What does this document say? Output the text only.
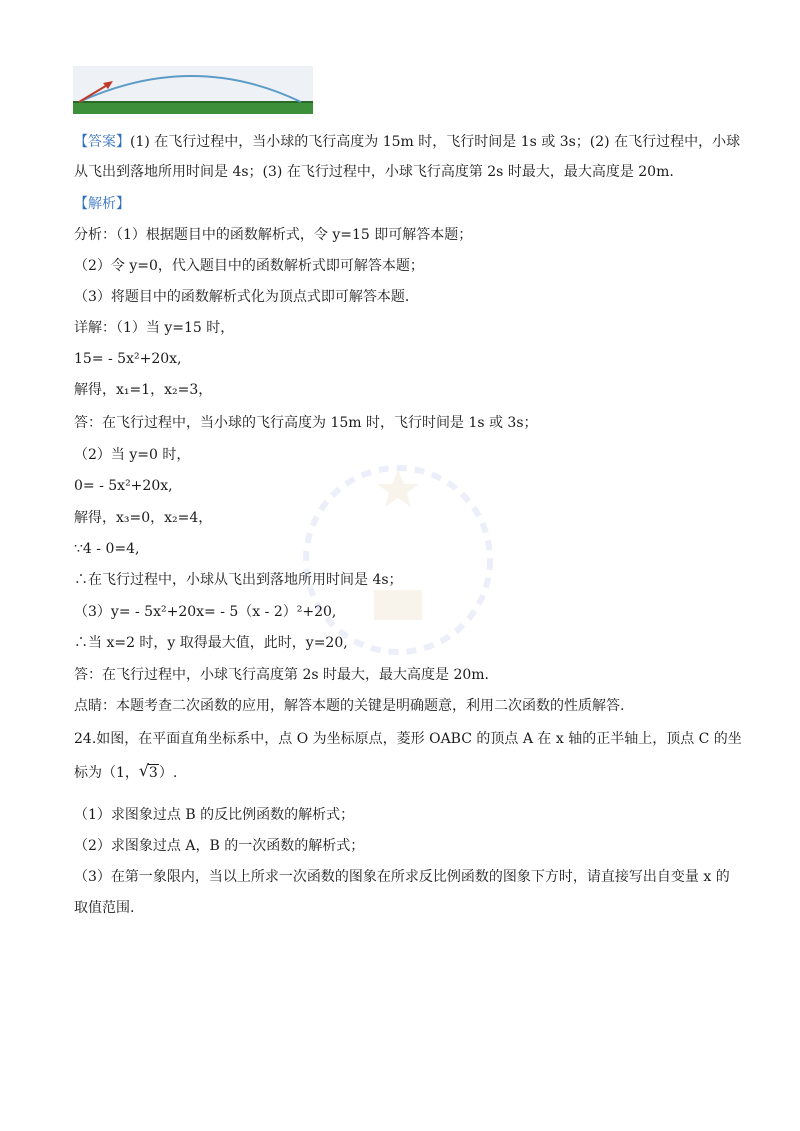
【答案】(1) 在飞行过程中，当小球的飞行高度为 15m 时，飞行时间是 1s 或 3s；(2) 在飞行过程中，小球
从飞出到落地所用时间是 4s；(3) 在飞行过程中，小球飞行高度第 2s 时最大，最大高度是 20m.
【解析】
分析：（1）根据题目中的函数解析式，令 y=15 即可解答本题；
（2）令 y=0，代入题目中的函数解析式即可解答本题；
（3）将题目中的函数解析式化为顶点式即可解答本题．
详解：（1）当 y=15 时，
15= - 5x²+20x,
解得，x₁=1，x₂=3，
答：在飞行过程中，当小球的飞行高度为 15m 时，飞行时间是 1s 或 3s；
（2）当 y=0 时，
0= - 5x²+20x,
解得，x₃=0，x₂=4，
∵4 - 0=4,
∴在飞行过程中，小球从飞出到落地所用时间是 4s；
（3）y= - 5x²+20x= - 5（x - 2）²+20,
∴当 x=2 时，y 取得最大值，此时，y=20,
答：在飞行过程中，小球飞行高度第 2s 时最大，最大高度是 20m.
点睛：本题考查二次函数的应用，解答本题的关键是明确题意，利用二次函数的性质解答.
24.如图，在平面直角坐标系中，点 O 为坐标原点，菱形 OABC 的顶点 A 在 x 轴的正半轴上，顶点 C 的坐
标为（1， √ 3）.
（1）求图象过点 B 的反比例函数的解析式；
（2）求图象过点 A，B 的一次函数的解析式；
（3）在第一象限内，当以上所求一次函数的图象在所求反比例函数的图象下方时，请直接写出自变量 x 的
取值范围.
